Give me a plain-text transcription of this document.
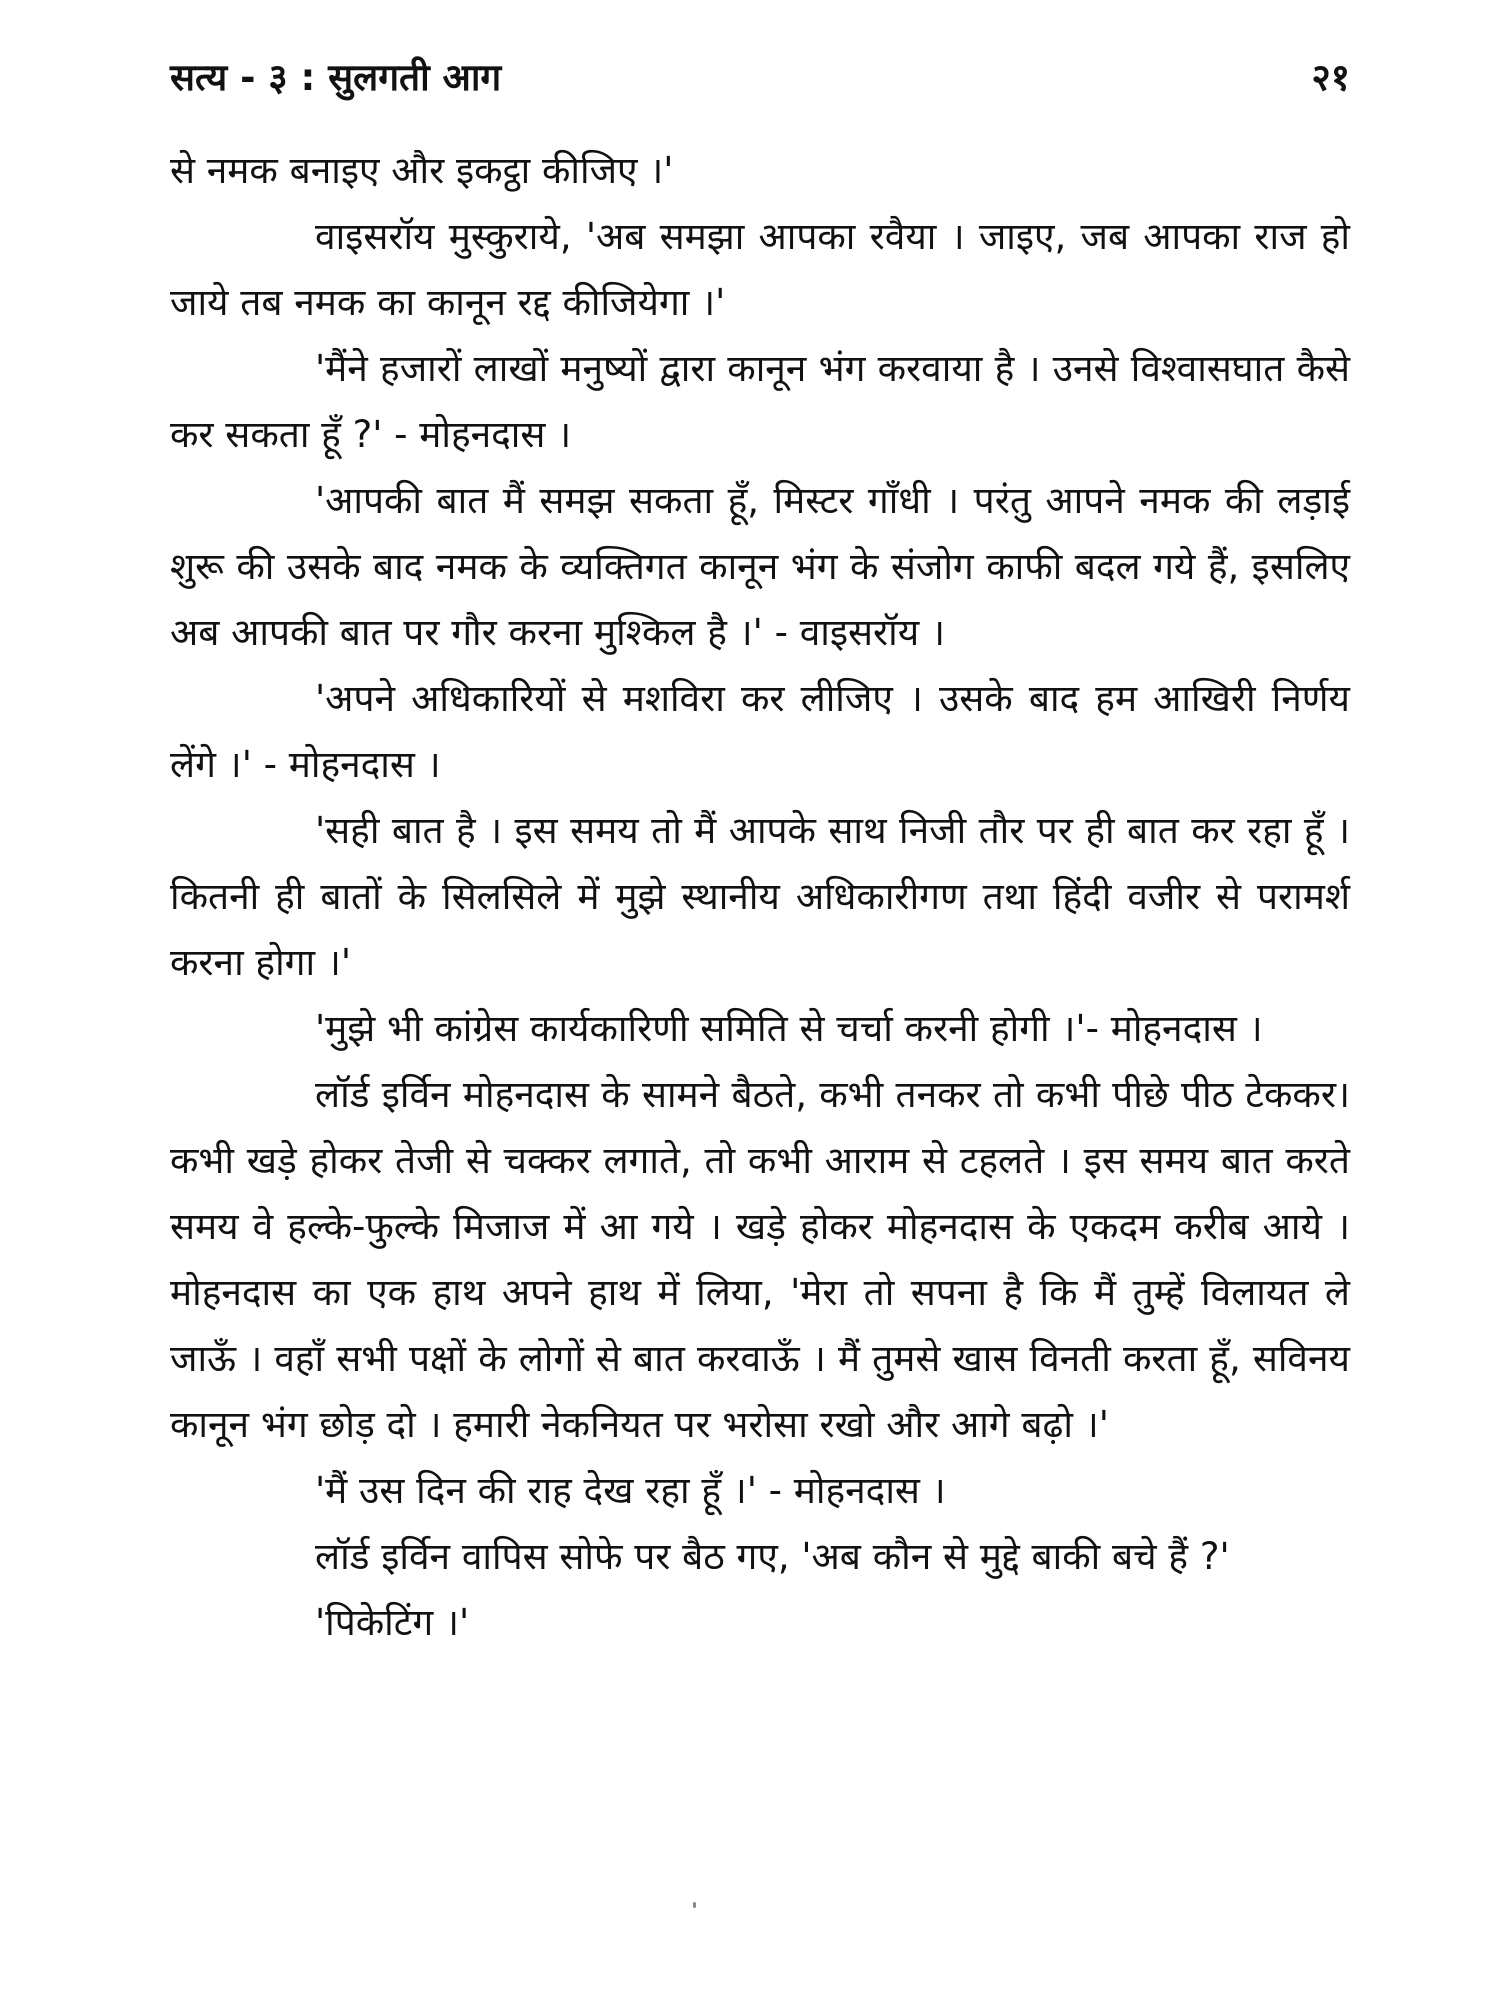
सत्य - ३ : सुलगती आग	२१

से नमक बनाइए और इकट्ठा कीजिए ।'

वाइसरॉय मुस्कुराये, 'अब समझा आपका रवैया । जाइए, जब आपका राज हो जाये तब नमक का कानून रद्द कीजियेगा ।'

'मैंने हजारों लाखों मनुष्यों द्वारा कानून भंग करवाया है । उनसे विश्वासघात कैसे कर सकता हूँ ?' - मोहनदास ।

'आपकी बात मैं समझ सकता हूँ, मिस्टर गाँधी । परंतु आपने नमक की लड़ाई शुरू की उसके बाद नमक के व्यक्तिगत कानून भंग के संजोग काफी बदल गये हैं, इसलिए अब आपकी बात पर गौर करना मुश्किल है ।' - वाइसरॉय ।

'अपने अधिकारियों से मशविरा कर लीजिए । उसके बाद हम आखिरी निर्णय लेंगे ।' - मोहनदास ।

'सही बात है । इस समय तो मैं आपके साथ निजी तौर पर ही बात कर रहा हूँ । कितनी ही बातों के सिलसिले में मुझे स्थानीय अधिकारीगण तथा हिंदी वजीर से परामर्श करना होगा ।'

'मुझे भी कांग्रेस कार्यकारिणी समिति से चर्चा करनी होगी ।'- मोहनदास ।

लॉर्ड इर्विन मोहनदास के सामने बैठते, कभी तनकर तो कभी पीछे पीठ टेककर। कभी खड़े होकर तेजी से चक्कर लगाते, तो कभी आराम से टहलते । इस समय बात करते समय वे हल्के-फुल्के मिजाज में आ गये । खड़े होकर मोहनदास के एकदम करीब आये । मोहनदास का एक हाथ अपने हाथ में लिया, 'मेरा तो सपना है कि मैं तुम्हें विलायत ले जाऊँ । वहाँ सभी पक्षों के लोगों से बात करवाऊँ । मैं तुमसे खास विनती करता हूँ, सविनय कानून भंग छोड़ दो । हमारी नेकनियत पर भरोसा रखो और आगे बढ़ो ।'

'मैं उस दिन की राह देख रहा हूँ ।' - मोहनदास ।

लॉर्ड इर्विन वापिस सोफे पर बैठ गए, 'अब कौन से मुद्दे बाकी बचे हैं ?'

'पिकेटिंग ।'
